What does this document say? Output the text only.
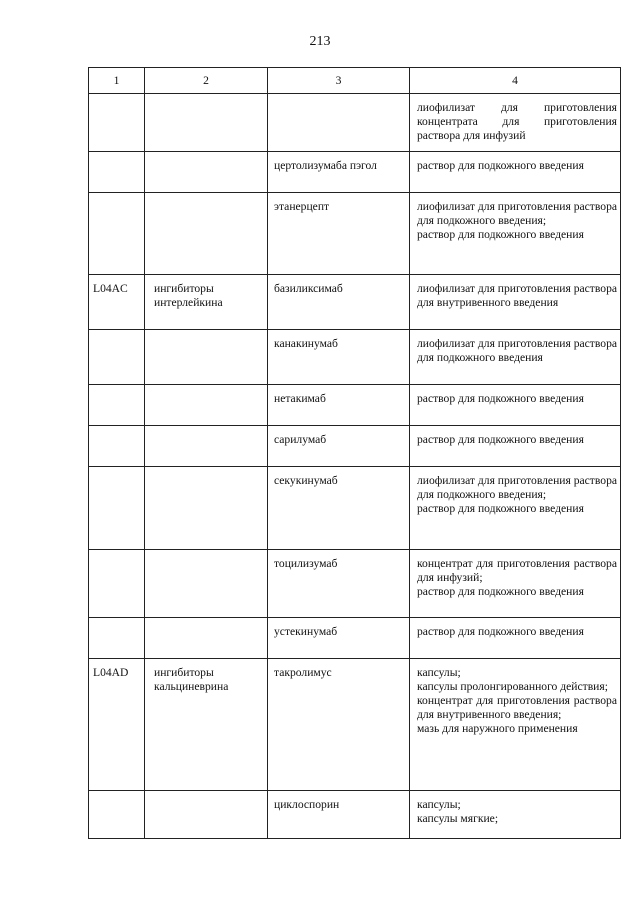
213
1	2	3	4

			лиофилизат для приготовления концентрата для приготовления раствора для инфузий

		цертолизумаба пэгол	раствор для подкожного введения

		этанерцепт	лиофилизат для приготовления раствора для подкожного введения;
раствор для подкожного введения

L04AC	ингибиторы интерлейкина	базиликсимаб	лиофилизат для приготовления раствора для внутривенного введения

		канакинумаб	лиофилизат для приготовления раствора для подкожного введения

		нетакимаб	раствор для подкожного введения

		сарилумаб	раствор для подкожного введения

		секукинумаб	лиофилизат для приготовления раствора для подкожного введения;
раствор для подкожного введения

		тоцилизумаб	концентрат для приготовления раствора для инфузий;
раствор для подкожного введения

		устекинумаб	раствор для подкожного введения

L04AD	ингибиторы кальциневрина	такролимус	капсулы;
капсулы пролонгированного действия;
концентрат для приготовления раствора для внутривенного введения;
мазь для наружного применения

		циклоспорин	капсулы;
капсулы мягкие;
